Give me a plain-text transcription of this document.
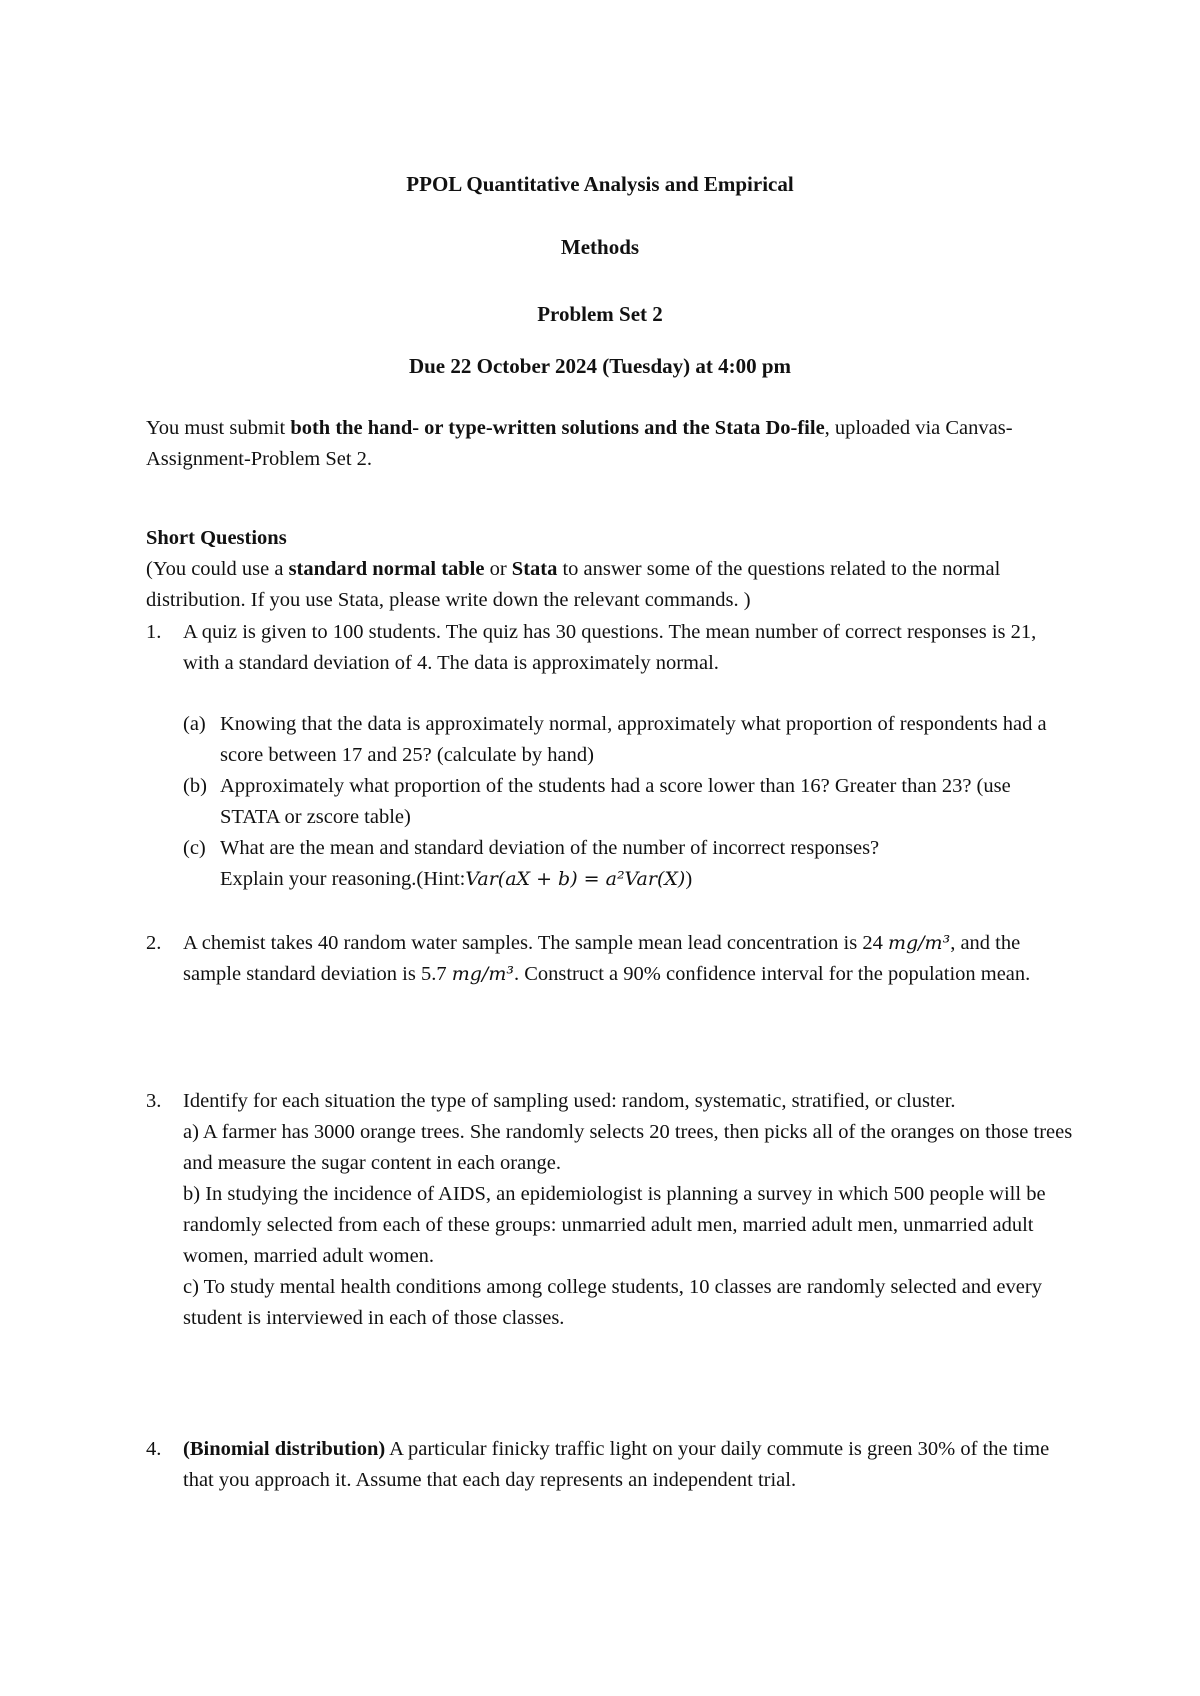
PPOL Quantitative Analysis and Empirical
Methods
Problem Set 2
Due 22 October 2024 (Tuesday) at 4:00 pm
You must submit both the hand- or type-written solutions and the Stata Do-file, uploaded via Canvas-Assignment-Problem Set 2.
Short Questions
(You could use a standard normal table or Stata to answer some of the questions related to the normal distribution. If you use Stata, please write down the relevant commands. )
1. A quiz is given to 100 students. The quiz has 30 questions. The mean number of correct responses is 21, with a standard deviation of 4. The data is approximately normal.
(a) Knowing that the data is approximately normal, approximately what proportion of respondents had a score between 17 and 25? (calculate by hand)
(b) Approximately what proportion of the students had a score lower than 16? Greater than 23? (use STATA or zscore table)
(c) What are the mean and standard deviation of the number of incorrect responses?
Explain your reasoning.(Hint:Var(aX + b) = a²Var(X))
2. A chemist takes 40 random water samples. The sample mean lead concentration is 24 mg/m³, and the sample standard deviation is 5.7 mg/m³. Construct a 90% confidence interval for the population mean.
3. Identify for each situation the type of sampling used: random, systematic, stratified, or cluster.
a) A farmer has 3000 orange trees. She randomly selects 20 trees, then picks all of the oranges on those trees and measure the sugar content in each orange.
b) In studying the incidence of AIDS, an epidemiologist is planning a survey in which 500 people will be randomly selected from each of these groups: unmarried adult men, married adult men, unmarried adult women, married adult women.
c) To study mental health conditions among college students, 10 classes are randomly selected and every student is interviewed in each of those classes.
4. (Binomial distribution) A particular finicky traffic light on your daily commute is green 30% of the time that you approach it. Assume that each day represents an independent trial.
